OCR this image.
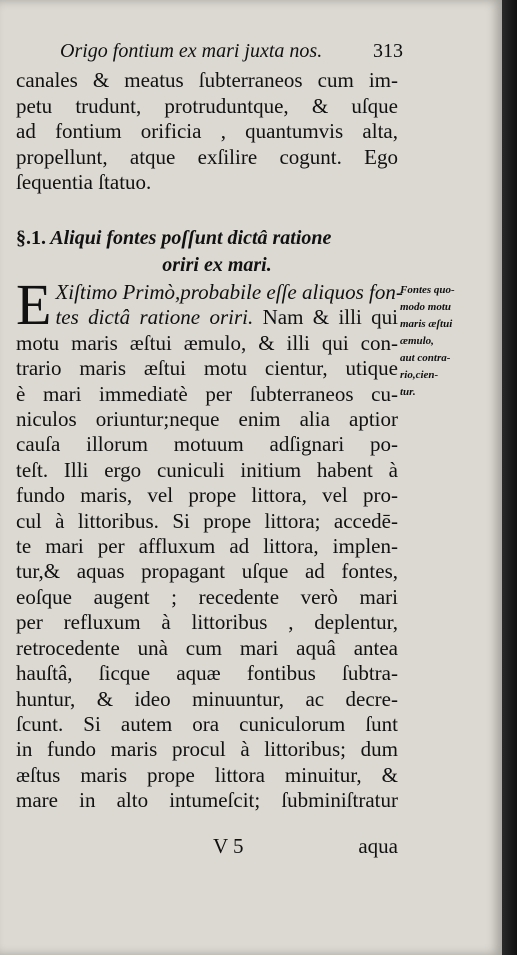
Origo fontium ex mari juxta nos.	313
canales & meatus ſubterraneos cum im-
petu trudunt, protruduntque, & uſque
ad fontium orificia , quantumvis alta,
propellunt, atque exſilire cogunt. Ego
ſequentia ſtatuo.
§.1. Aliqui fontes poſſunt dictâ ratione
oriri ex mari.
E Xiſtimo Primò,probabile eſſe aliquos fon-
tes dictâ ratione oriri. Nam & illi qui
motu maris æſtui æmulo, & illi qui con-
trario maris æſtui motu cientur, utique
è mari immediatè per ſubterraneos cu-
niculos oriuntur;neque enim alia aptior
cauſa illorum motuum adſignari po-
teſt. Illi ergo cuniculi initium habent à
fundo maris, vel prope littora, vel pro-
cul à littoribus. Si prope littora; accedē-
te mari per affluxum ad littora, implen-
tur,& aquas propagant uſque ad fontes,
eoſque augent ; recedente verò mari
per refluxum à littoribus , deplentur,
retrocedente unà cum mari aquâ antea
hauſtâ, ſicque aquæ fontibus ſubtra-
huntur, & ideo minuuntur, ac decre-
ſcunt. Si autem ora cuniculorum ſunt
in fundo maris procul à littoribus; dum
æſtus maris prope littora minuitur, &
mare in alto intumeſcit; ſubminiſtratur
Fontes quo-
modo motu
maris æſtui
æmulo,
aut contra-
rio,cien-
tur.
V 5	aqua
